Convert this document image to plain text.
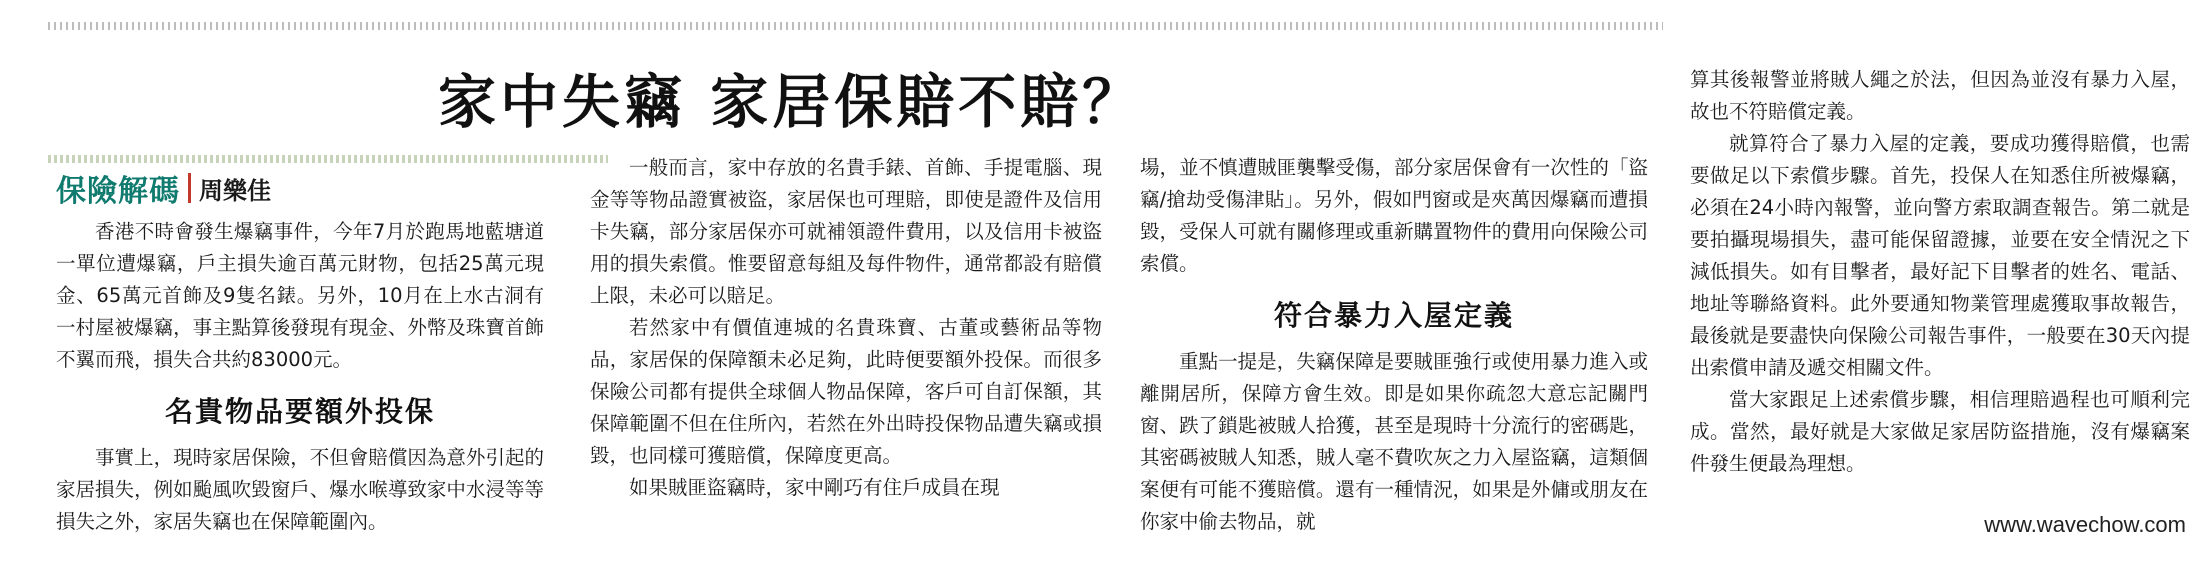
家中失竊 家居保賠不賠？
保險解碼 周樂佳

香港不時會發生爆竊事件，今年7月於跑馬地藍塘道一單位遭爆竊，戶主損失逾百萬元財物，包括25萬元現金、65萬元首飾及9隻名錶。另外，10月在上水古洞有一村屋被爆竊，事主點算後發現有現金、外幣及珠寶首飾不翼而飛，損失合共約83000元。

名貴物品要額外投保

事實上，現時家居保險，不但會賠償因為意外引起的家居損失，例如颱風吹毀窗戶、爆水喉導致家中水浸等等損失之外，家居失竊也在保障範圍內。

一般而言，家中存放的名貴手錶、首飾、手提電腦、現金等等物品證實被盜，家居保也可理賠，即使是證件及信用卡失竊，部分家居保亦可就補領證件費用，以及信用卡被盜用的損失索償。惟要留意每組及每件物件，通常都設有賠償上限，未必可以賠足。

若然家中有價值連城的名貴珠寶、古董或藝術品等物品，家居保的保障額未必足夠，此時便要額外投保。而很多保險公司都有提供全球個人物品保障，客戶可自訂保額，其保障範圍不但在住所內，若然在外出時投保物品遭失竊或損毀，也同樣可獲賠償，保障度更高。

如果賊匪盜竊時，家中剛巧有住戶成員在現

場，並不慎遭賊匪襲擊受傷，部分家居保會有一次性的「盜竊/搶劫受傷津貼」。另外，假如門窗或是夾萬因爆竊而遭損毀，受保人可就有關修理或重新購置物件的費用向保險公司索償。

符合暴力入屋定義

重點一提是，失竊保障是要賊匪強行或使用暴力進入或離開居所，保障方會生效。即是如果你疏忽大意忘記關門窗、跌了鎖匙被賊人拾獲，甚至是現時十分流行的密碼匙，其密碼被賊人知悉，賊人毫不費吹灰之力入屋盜竊，這類個案便有可能不獲賠償。還有一種情況，如果是外傭或朋友在你家中偷去物品，就

算其後報警並將賊人繩之於法，但因為並沒有暴力入屋，故也不符賠償定義。

就算符合了暴力入屋的定義，要成功獲得賠償，也需要做足以下索償步驟。首先，投保人在知悉住所被爆竊，必須在24小時內報警，並向警方索取調查報告。第二就是要拍攝現場損失，盡可能保留證據，並要在安全情況之下減低損失。如有目擊者，最好記下目擊者的姓名、電話、地址等聯絡資料。此外要通知物業管理處獲取事故報告，最後就是要盡快向保險公司報告事件，一般要在30天內提出索償申請及遞交相關文件。

當大家跟足上述索償步驟，相信理賠過程也可順利完成。當然，最好就是大家做足家居防盜措施，沒有爆竊案件發生便最為理想。

www.wavechow.com
